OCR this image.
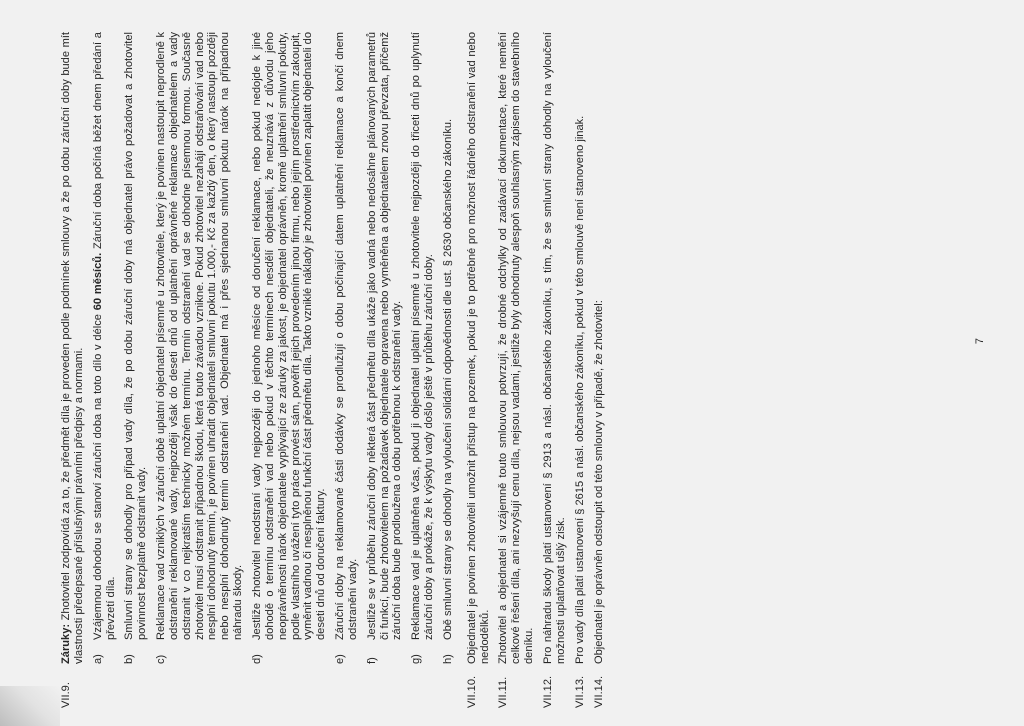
VII.9.
Záruky: Zhotovitel zodpovídá za to, že předmět díla je proveden podle podmínek smlouvy a že po dobu záruční doby bude mít vlastnosti předepsané příslušnými právními předpisy a normami. a)
Vzájemnou dohodou se stanoví záruční doba na toto dílo v délce 60 měsíců. Záruční doba počíná běžet dnem předání a převzetí díla.
b)
Smluvní strany se dohodly pro případ vady díla, že po dobu záruční doby má objednatel právo požadovat a zhotovitel povinnost bezplatně odstranit vady.
c)
Reklamace vad vzniklých v záruční době uplatní objednatel písemně u zhotovitele, který je povinen nastoupit neprodleně k odstranění reklamované vady, nejpozději však do deseti dnů od uplatnění oprávněné reklamace objednatelem a vady odstranit v co nejkratším technicky možném termínu. Termín odstranění vad se dohodne písemnou formou. Současně zhotovitel musí odstranit případnou škodu, která touto závadou vznikne. Pokud zhotovitel nezahájí odstraňování vad nebo nesplní dohodnutý termín, je povinen uhradit objednateli smluvní pokutu 1.000,- Kč za každý den, o který nastoupí později nebo nesplní dohodnutý termín odstranění vad. Objednatel má i přes sjednanou smluvní pokutu nárok na případnou náhradu škody.
d)
Jestliže zhotovitel neodstraní vady nejpozději do jednoho měsíce od doručení reklamace, nebo pokud nedojde k jiné dohodě o termínu odstranění vad nebo pokud v těchto termínech nesdělí objednateli, že neuznává z důvodu jeho neoprávněnosti nárok objednatele vyplývající ze záruky za jakost, je objednatel oprávněn, kromě uplatnění smluvní pokuty, podle vlastního uvážení tyto práce provést sám, pověřit jejich provedením jinou firmu, nebo jejím prostřednictvím zakoupit, vyměnit vadnou či nesplněnou funkční část předmětu díla. Takto vzniklé náklady je zhotovitel povinen zaplatit objednateli do deseti dnů od doručení faktury.
e)
Záruční doby na reklamované části dodávky se prodlužují o dobu počínající datem uplatnění reklamace a končí dnem odstranění vady.
f)
Jestliže se v průběhu záruční doby některá část předmětu díla ukáže jako vadná nebo nedosáhne plánovaných parametrů či funkcí, bude zhotovitelem na požadavek objednatele opravena nebo vyměněna a objednatelem znovu převzata, přičemž záruční doba bude prodloužena o dobu potřebnou k odstranění vady.
g)
Reklamace vad je uplatněna včas, pokud ji objednatel uplatní písemně u zhotovitele nejpozději do třiceti dnů po uplynutí záruční doby a prokáže, že k výskytu vady došlo ještě v průběhu záruční doby.
h)
Obě smluvní strany se dohodly na vyloučení solidární odpovědnosti dle ust. § 2630 občanského zákoníku.
VII.10.
Objednatel je povinen zhotoviteli umožnit přístup na pozemek, pokud je to potřebné pro možnost řádného odstranění vad nebo nedodělků.
VII.11.
Zhotovitel a objednatel si vzájemně touto smlouvou potvrzují, že drobné odchylky od zadávací dokumentace, které nemění celkové řešení díla, ani nezvyšují cenu díla, nejsou vadami, jestliže byly dohodnuty alespoň souhlasným zápisem do stavebního deníku.
VII.12.
Pro náhradu škody platí ustanovení § 2913 a násl. občanského zákoníku, s tím, že se smluvní strany dohodly na vyloučení možnosti uplatňovat ušlý zisk.
VII.13.
Pro vady díla platí ustanovení § 2615 a násl. občanského zákoníku, pokud v této smlouvě není stanoveno jinak.
VII.14.
Objednatel je oprávněn odstoupit od této smlouvy v případě, že zhotovitel:	7
